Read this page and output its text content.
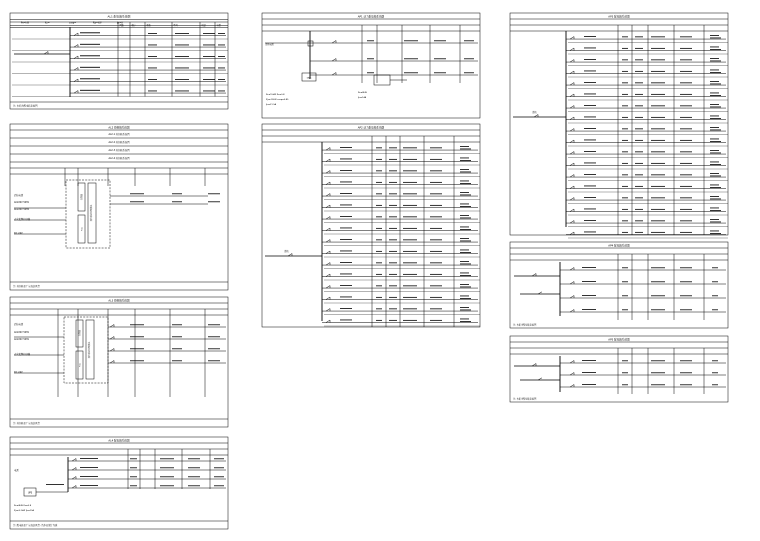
AL1 配电箱系统图
Pe=kW	Kx=	cosφ=	Pjs=kW	Ijs=A
回路	相序	规格	型号	用途	容量
注: 本箱为配电箱系统图
AL2 控制箱系统图
AL2-1 控制箱系统图
AL2-2 控制箱系统图
AL2-3 控制箱系统图
AL2-4 控制箱系统图
控制器
PLC
消防联动控制模块
消防电源
AC220V 50Hz
AC220V 50Hz
火灾报警控制器
DC 24V
注: 控制箱由厂家成套供货
AL3 控制箱系统图
控制器
PLC
消防联动控制模块
消防电源
AC220V 50Hz
AC220V 50Hz
火灾报警控制器
DC 24V
注: 控制箱由厂家成套供货
AL4 配电箱系统图
电源
UPS
Pe=4kW Kx=0.8
Pjs=3.2kW Ijs=15A
注: 配电箱由厂家成套供货, 具体以设计为准
AP1 动力配电箱系统图
进线电源
kWh
Pe=15kW Kx=0.8
Pjs=12kW cosφ=0.85
Ijs=21.5A
Pe=8kW
Ijs=14A
AP2 动力配电箱系统图
进线
AP3 配电箱系统图
进线
AP4 配电箱系统图
注: 本箱为配电箱系统图
AP5 配电箱系统图
注: 本箱为配电箱系统图
